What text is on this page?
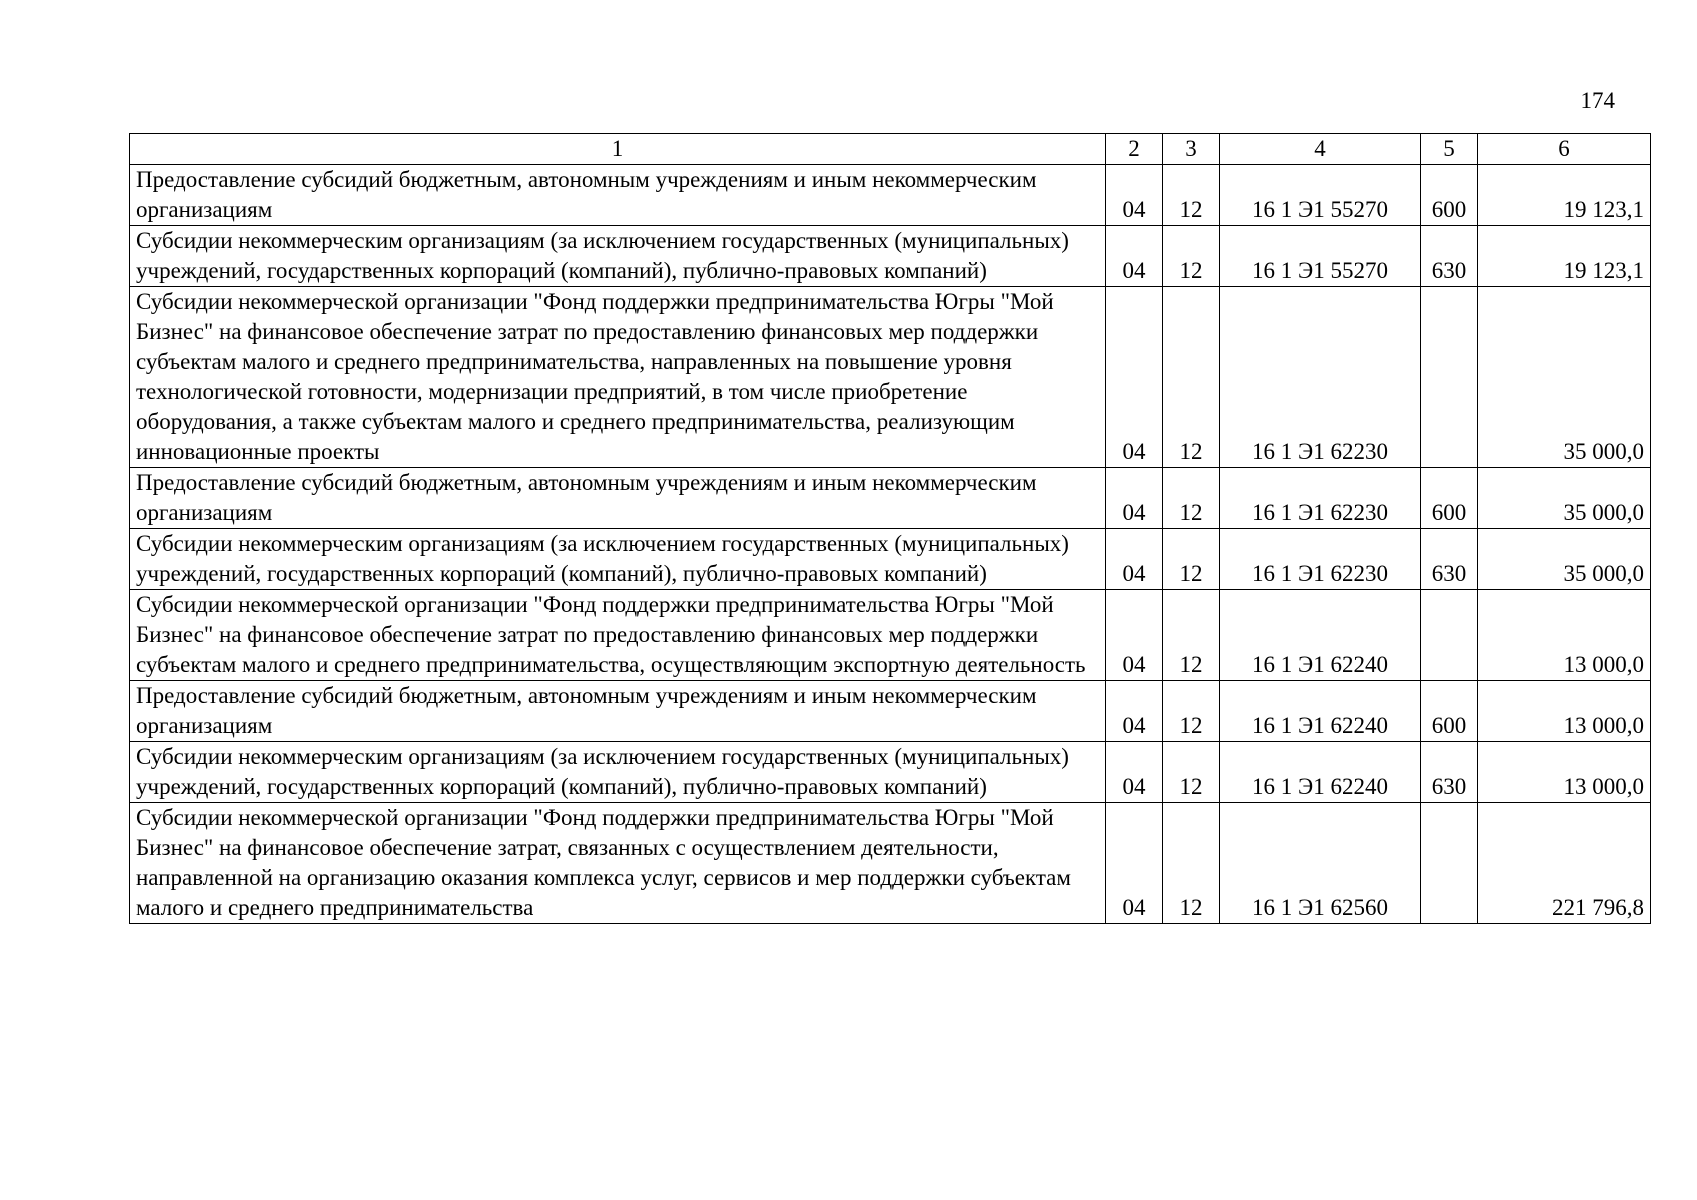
174
1	2	3	4	5	6
Предоставление субсидий бюджетным, автономным учреждениям и иным некоммерческим организациям	04	12	16 1 Э1 55270	600	19 123,1
Субсидии некоммерческим организациям (за исключением государственных (муниципальных) учреждений, государственных корпораций (компаний), публично-правовых компаний)	04	12	16 1 Э1 55270	630	19 123,1
Субсидии некоммерческой организации "Фонд поддержки предпринимательства Югры "Мой Бизнес" на финансовое обеспечение затрат по предоставлению финансовых мер поддержки субъектам малого и среднего предпринимательства, направленных на повышение уровня технологической готовности, модернизации предприятий, в том числе приобретение оборудования, а также субъектам малого и среднего предпринимательства, реализующим инновационные проекты	04	12	16 1 Э1 62230		35 000,0
Предоставление субсидий бюджетным, автономным учреждениям и иным некоммерческим организациям	04	12	16 1 Э1 62230	600	35 000,0
Субсидии некоммерческим организациям (за исключением государственных (муниципальных) учреждений, государственных корпораций (компаний), публично-правовых компаний)	04	12	16 1 Э1 62230	630	35 000,0
Субсидии некоммерческой организации "Фонд поддержки предпринимательства Югры "Мой Бизнес" на финансовое обеспечение затрат по предоставлению финансовых мер поддержки субъектам малого и среднего предпринимательства, осуществляющим экспортную деятельность	04	12	16 1 Э1 62240		13 000,0
Предоставление субсидий бюджетным, автономным учреждениям и иным некоммерческим организациям	04	12	16 1 Э1 62240	600	13 000,0
Субсидии некоммерческим организациям (за исключением государственных (муниципальных) учреждений, государственных корпораций (компаний), публично-правовых компаний)	04	12	16 1 Э1 62240	630	13 000,0
Субсидии некоммерческой организации "Фонд поддержки предпринимательства Югры "Мой Бизнес" на финансовое обеспечение затрат, связанных с осуществлением деятельности, направленной на организацию оказания комплекса услуг, сервисов и мер поддержки субъектам малого и среднего предпринимательства	04	12	16 1 Э1 62560		221 796,8
